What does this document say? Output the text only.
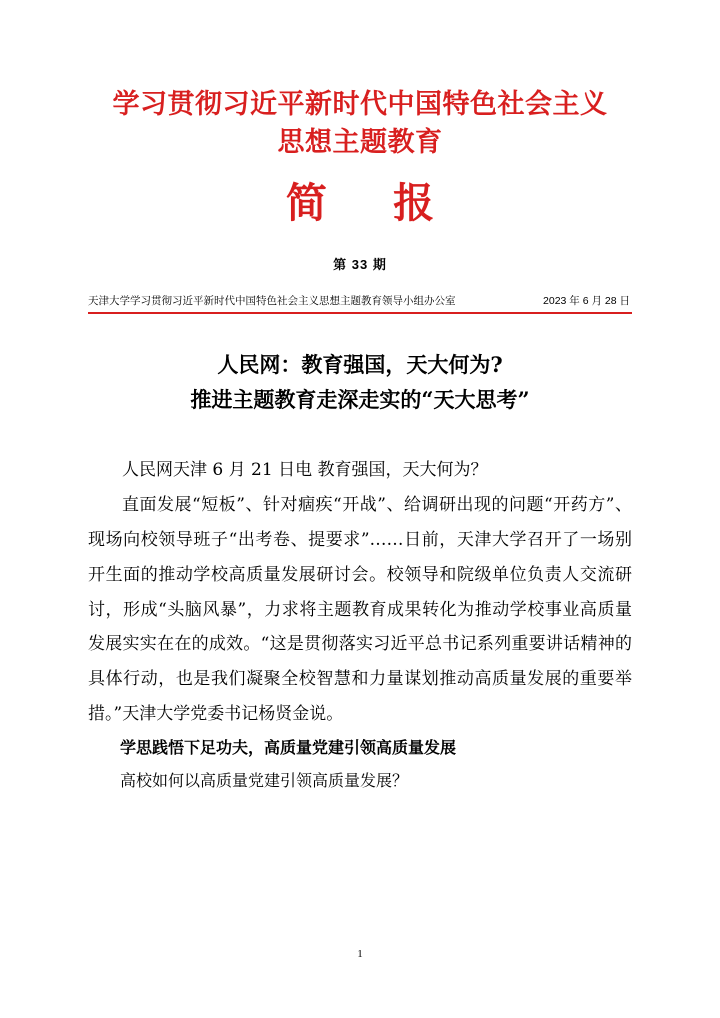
学习贯彻习近平新时代中国特色社会主义
思想主题教育
简 报
第 33 期
天津大学学习贯彻习近平新时代中国特色社会主义思想主题教育领导小组办公室	2023 年 6 月 28 日
人民网：教育强国，天大何为?
推进主题教育走深走实的“天大思考”

人民网天津 6 月 21 日电 教育强国，天大何为？

直面发展“短板”、针对痼疾“开战”、给调研出现的问题“开药方”、现场向校领导班子“出考卷、提要求”……日前，天津大学召开了一场别开生面的推动学校高质量发展研讨会。校领导和院级单位负责人交流研讨，形成“头脑风暴”，力求将主题教育成果转化为推动学校事业高质量发展实实在在的成效。“这是贯彻落实习近平总书记系列重要讲话精神的具体行动，也是我们凝聚全校智慧和力量谋划推动高质量发展的重要举措。”天津大学党委书记杨贤金说。

学思践悟下足功夫，高质量党建引领高质量发展

高校如何以高质量党建引领高质量发展？

1
